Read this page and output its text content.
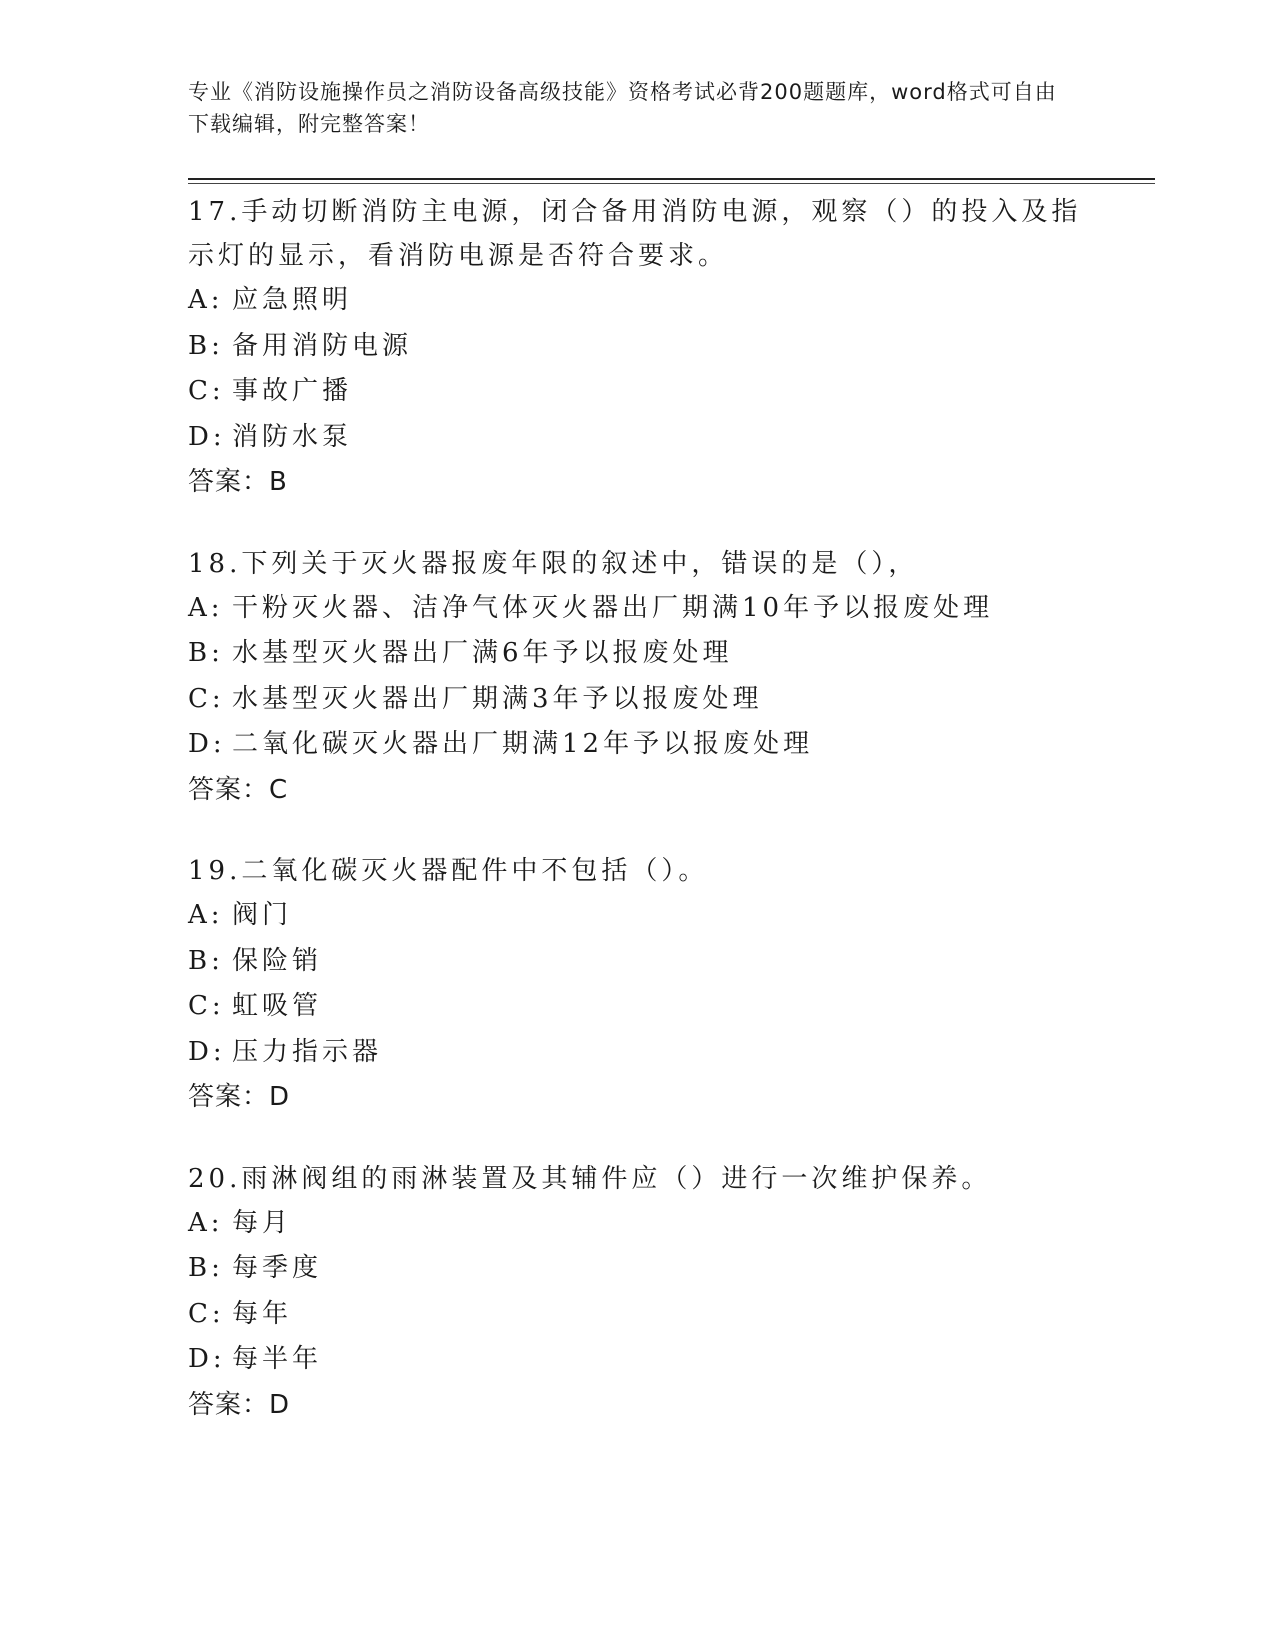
专业《消防设施操作员之消防设备高级技能》资格考试必背200题题库，word格式可自由下载编辑，附完整答案！
17.手动切断消防主电源，闭合备用消防电源，观察（）的投入及指示灯的显示，看消防电源是否符合要求。
A: 应急照明
B: 备用消防电源
C: 事故广播
D: 消防水泵
答案：B
18.下列关于灭火器报废年限的叙述中，错误的是（），
A: 干粉灭火器、洁净气体灭火器出厂期满10年予以报废处理
B: 水基型灭火器出厂满6年予以报废处理
C: 水基型灭火器出厂期满3年予以报废处理
D: 二氧化碳灭火器出厂期满12年予以报废处理
答案：C
19.二氧化碳灭火器配件中不包括（）。
A: 阀门
B: 保险销
C: 虹吸管
D: 压力指示器
答案：D
20.雨淋阀组的雨淋装置及其辅件应（）进行一次维护保养。
A: 每月
B: 每季度
C: 每年
D: 每半年
答案：D
